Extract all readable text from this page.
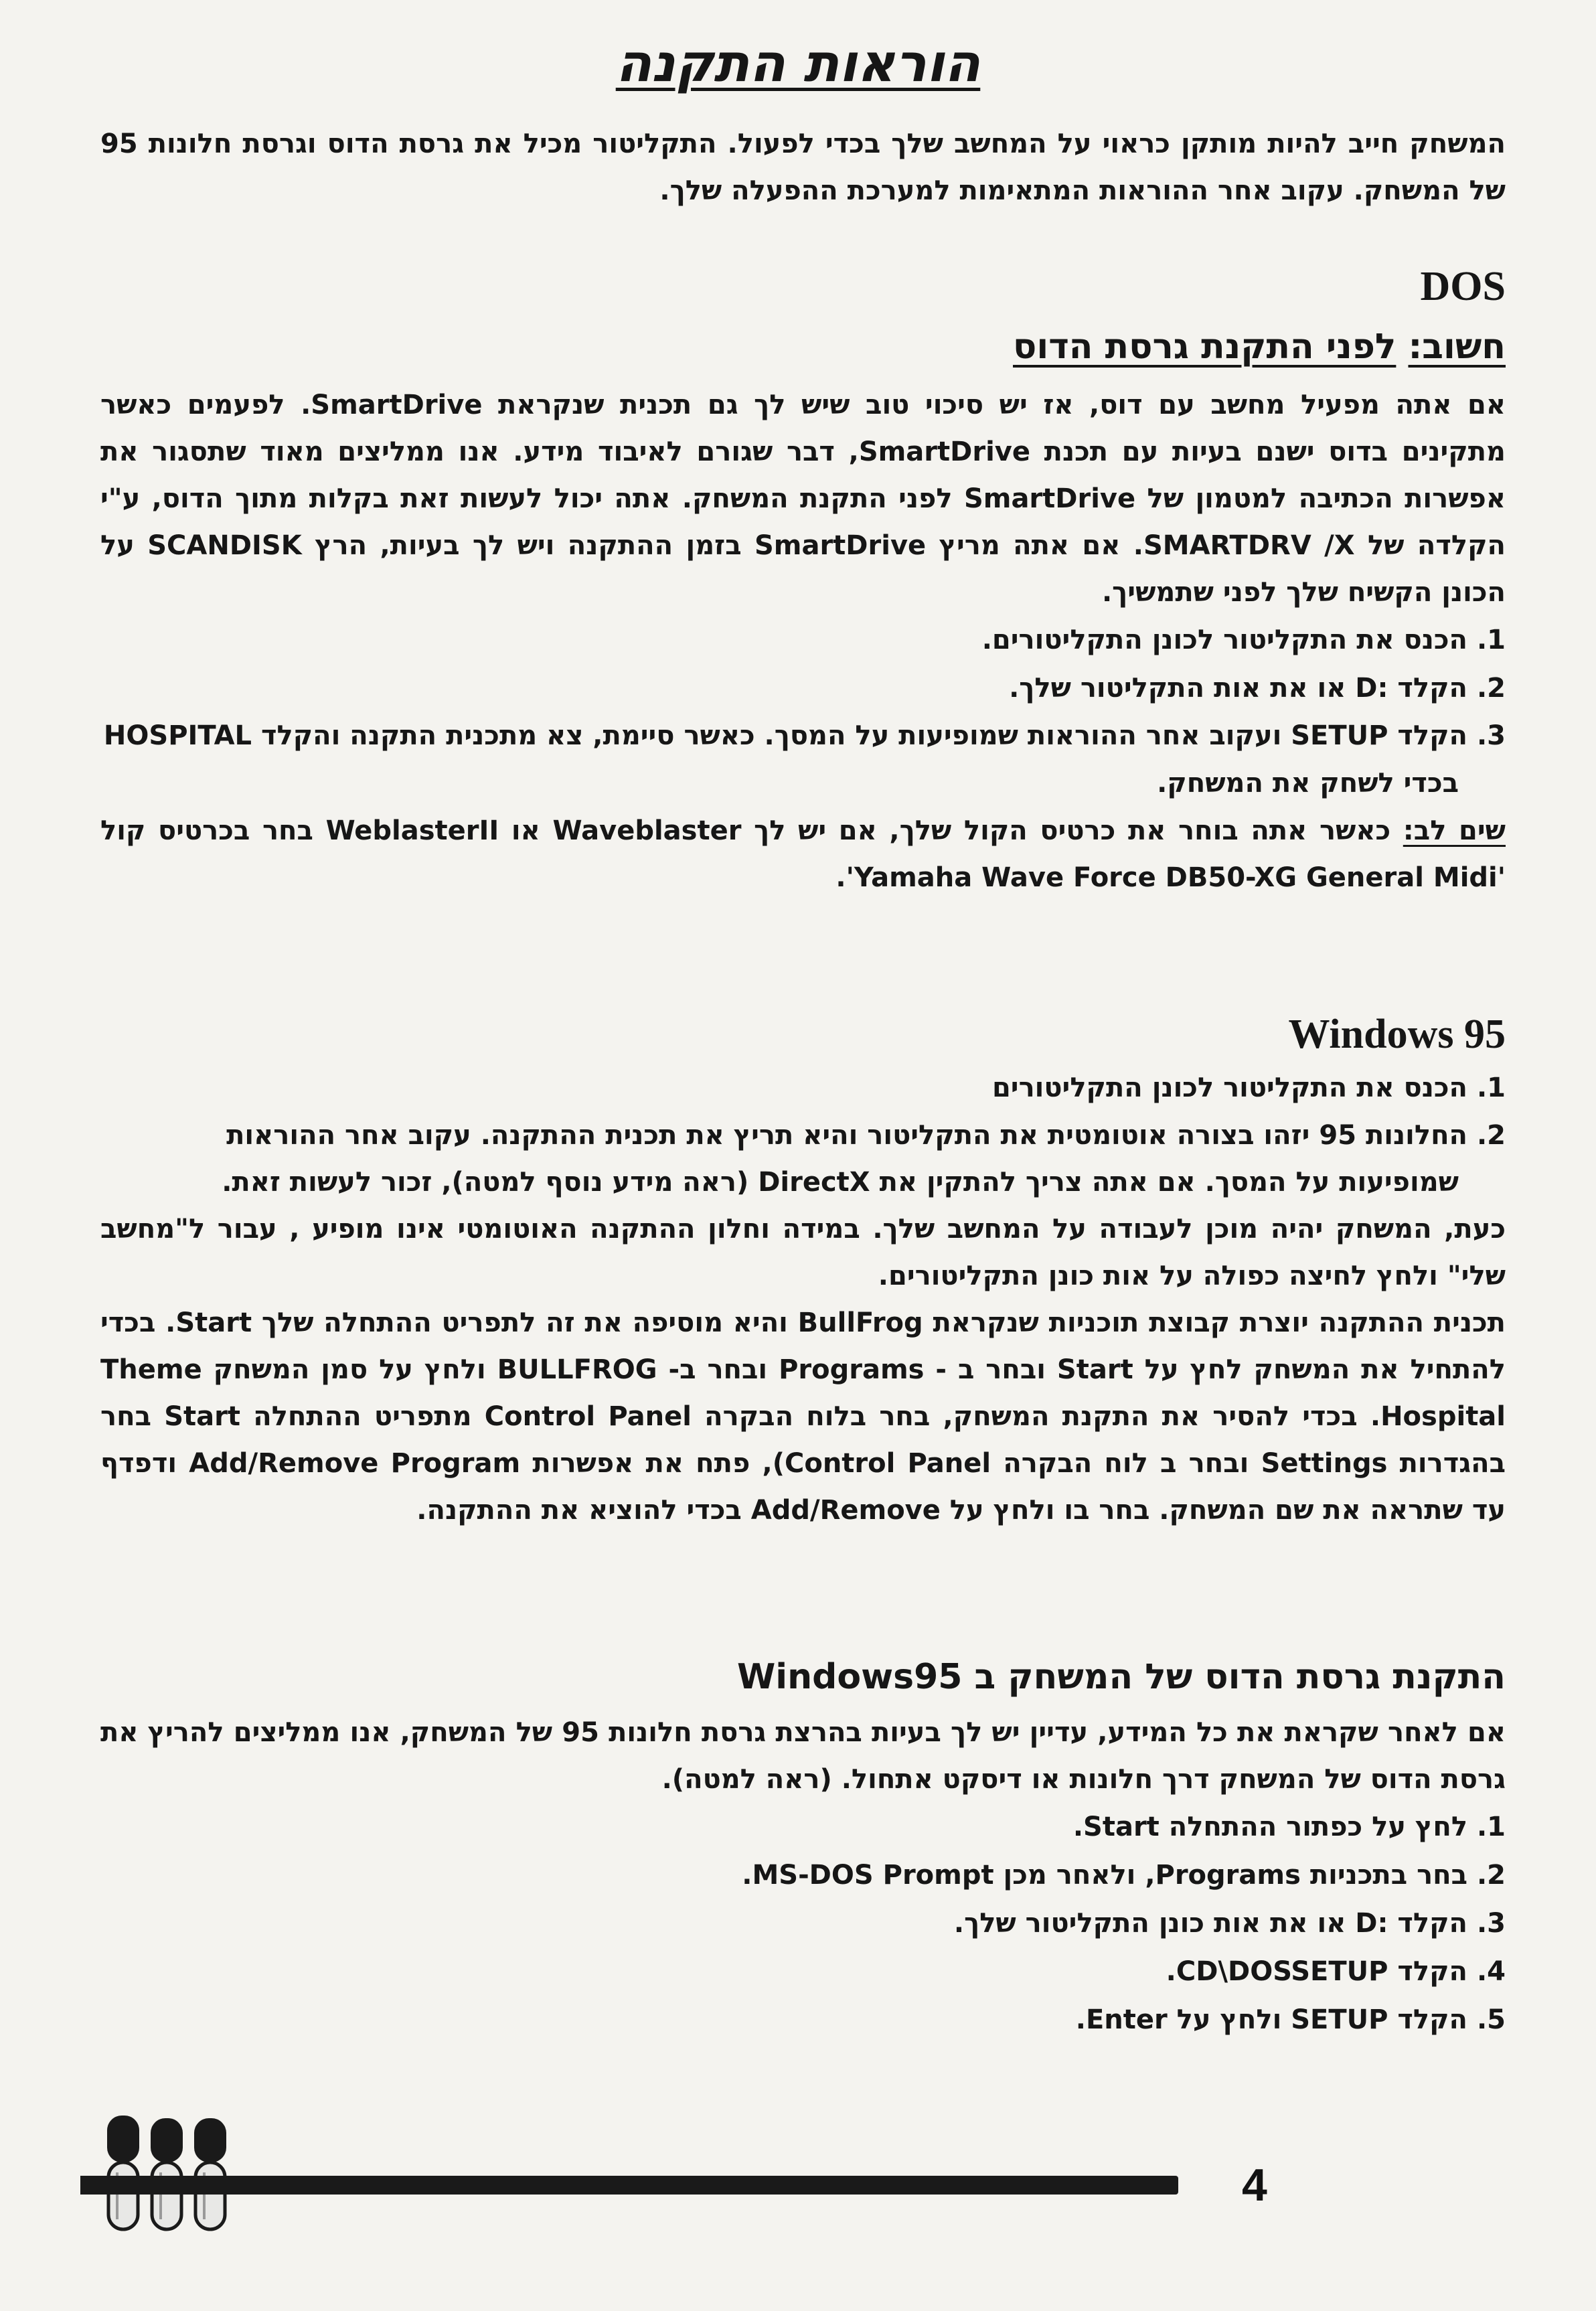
הוראות התקנה

המשחק חייב להיות מותקן כראוי על המחשב שלך בכדי לפעול. התקליטור מכיל את גרסת הדוס וגרסת חלונות 95 של המשחק. עקוב אחר ההוראות המתאימות למערכת ההפעלה שלך.

DOS

חשוב: לפני התקנת גרסת הדוס

אם אתה מפעיל מחשב עם דוס, אז יש סיכוי טוב שיש לך גם תכנית שנקראת SmartDrive. לפעמים כאשר מתקינים בדוס ישנם בעיות עם תכנת SmartDrive, דבר שגורם לאיבוד מידע. אנו ממליצים מאוד שתסגור את אפשרות הכתיבה למטמון של SmartDrive לפני התקנת המשחק. אתה יכול לעשות זאת בקלות מתוך הדוס, ע"י הקלדה של SMARTDRV /X. אם אתה מריץ SmartDrive בזמן ההתקנה ויש לך בעיות, הרץ SCANDISK על הכונן הקשיח שלך לפני שתמשיך.

1. הכנס את התקליטור לכונן התקליטורים.

2. הקלד :D או את אות התקליטור שלך.

3. הקלד SETUP ועקוב אחר ההוראות שמופיעות על המסך. כאשר סיימת, צא מתכנית התקנה והקלד HOSPITAL

בכדי לשחק את המשחק.

שים לב: כאשר אתה בוחר את כרטיס הקול שלך, אם יש לך Waveblaster או WeblasterII בחר בכרטיס קול 'Yamaha Wave Force DB50-XG General Midi'.

Windows 95

1. הכנס את התקליטור לכונן התקליטורים

2. החלונות 95 יזהו בצורה אוטומטית את התקליטור והיא תריץ את תכנית ההתקנה. עקוב אחר ההוראות

שמופיעות על המסך. אם אתה צריך להתקין את DirectX (ראה מידע נוסף למטה), זכור לעשות זאת.

כעת, המשחק יהיה מוכן לעבודה על המחשב שלך. במידה וחלון ההתקנה האוטומטי אינו מופיע , עבור ל"מחשב שלי" ולחץ לחיצה כפולה על אות כונן התקליטורים.

תכנית ההתקנה יוצרת קבוצת תוכניות שנקראת BullFrog והיא מוסיפה את זה לתפריט ההתחלה שלך Start. בכדי להתחיל את המשחק לחץ על Start ובחר ב - Programs ובחר ב- BULLFROG ולחץ על סמן המשחק Theme Hospital. בכדי להסיר את התקנת המשחק, בחר בלוח הבקרה Control Panel מתפריט ההתחלה Start בחר בהגדרות Settings ובחר ב לוח הבקרה Control Panel), פתח את אפשרות Add/Remove Program ודפדף עד שתראה את שם המשחק. בחר בו ולחץ על Add/Remove בכדי להוציא את ההתקנה.

התקנת גרסת הדוס של המשחק ב Windows95

אם לאחר שקראת את כל המידע, עדיין יש לך בעיות בהרצת גרסת חלונות 95 של המשחק, אנו ממליצים להריץ את גרסת הדוס של המשחק דרך חלונות או דיסקט אתחול. (ראה למטה).

1. לחץ על כפתור ההתחלה Start.

2. בחר בתכניות Programs, ולאחר מכן MS-DOS Prompt.

3. הקלד :D או את אות כונן התקליטור שלך.

4. הקלד CD\DOSSETUP.

5. הקלד SETUP ולחץ על Enter.

4
